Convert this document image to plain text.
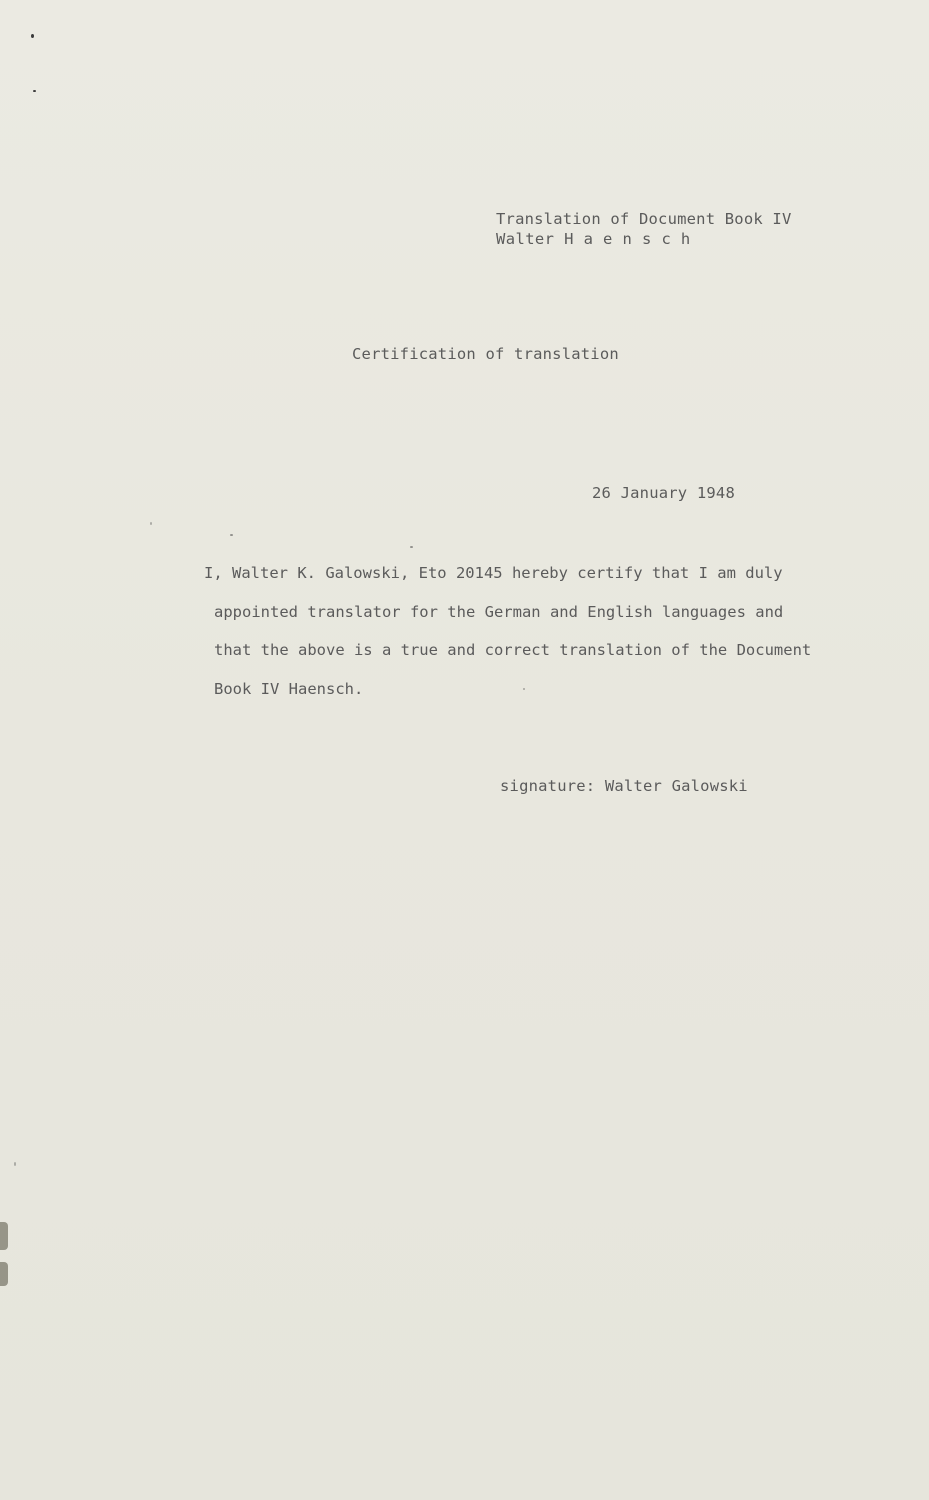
Translation of Document Book IV
Walter H a e n s c h
Certification of translation
26 January 1948
I, Walter K. Galowski, Eto 20145 hereby certify that I am duly
appointed translator for the German and English languages and
that the above is a true and correct translation of the Document
Book IV Haensch.
signature: Walter Galowski
